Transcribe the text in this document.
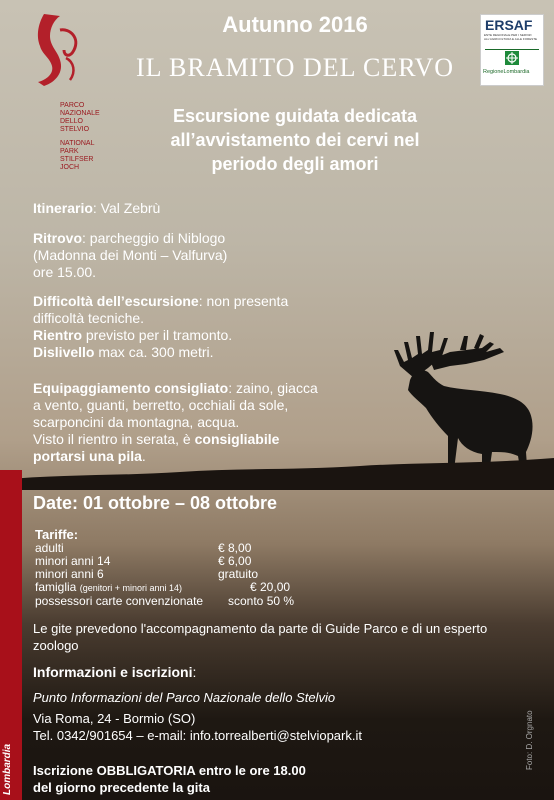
PARCO
NAZIONALE
DELLO
STELVIO
NATIONAL
PARK
STILFSER
JOCH
ERSAF
ENTE REGIONALE PER I SERVIZI ALL'AGRICOLTURA E ALLE FORESTE
RegioneLombardia
Autunno 2016
IL BRAMITO DEL CERVO
Escursione guidata dedicata
all’avvistamento dei cervi nel
periodo degli amori
Itinerario: Val Zebrù
Ritrovo: parcheggio di Niblogo
(Madonna dei Monti – Valfurva)
ore 15.00.
Difficoltà dell’escursione: non presenta
difficoltà tecniche.
Rientro previsto per il tramonto.
Dislivello max ca. 300 metri.
Equipaggiamento consigliato: zaino, giacca
a vento, guanti, berretto, occhiali da sole,
scarponcini da montagna, acqua.
Visto il rientro in serata, è consigliabile
portarsi una pila.
Date: 01 ottobre – 08 ottobre
Tariffe:
adulti	€ 8,00
minori anni 14	€ 6,00
minori anni 6	gratuito
famiglia (genitori + minori anni 14)	€ 20,00
possessori carte convenzionate	sconto 50 %
Le gite prevedono l'accompagnamento da parte di Guide Parco e di un esperto zoologo
Informazioni e iscrizioni:
Punto Informazioni del Parco Nazionale dello Stelvio
Via Roma, 24 - Bormio (SO)
Tel. 0342/901654 – e-mail: info.torrealberti@stelviopark.it
Iscrizione OBBLIGATORIA entro le ore 18.00
del giorno precedente la gita
Lombardia	Foto: D. Orgnato
